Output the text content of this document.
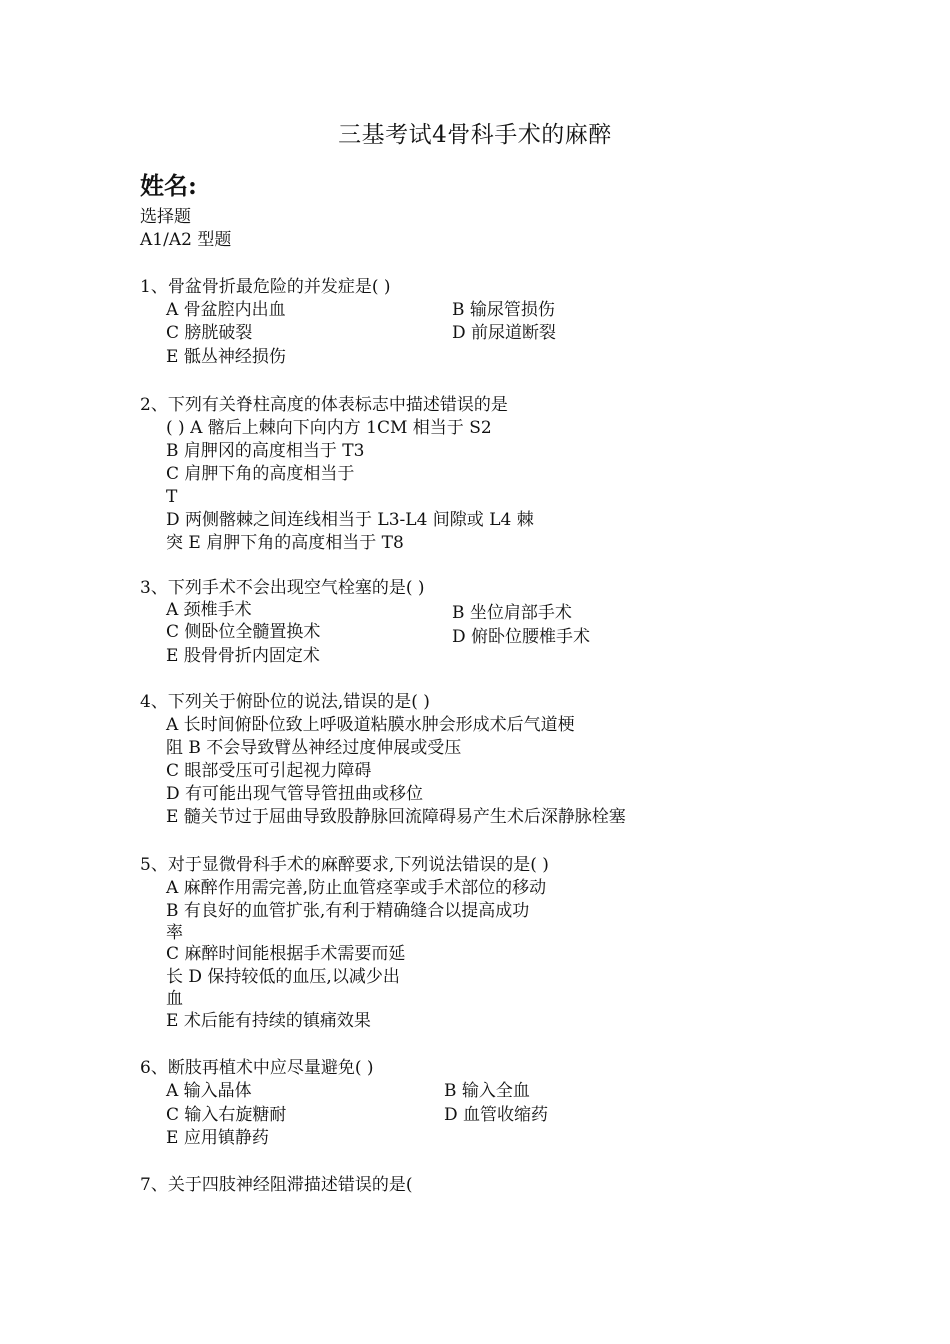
三基考试4骨科手术的麻醉
姓名:
选择题
A1/A2 型题
1、骨盆骨折最危险的并发症是( )
A 骨盆腔内出血	B 输尿管损伤
C 膀胱破裂	D 前尿道断裂
E 骶丛神经损伤
2、下列有关脊柱高度的体表标志中描述错误的是
( ) A 髂后上棘向下向内方 1CM 相当于 S2
B 肩胛冈的高度相当于 T3
C 肩胛下角的高度相当于
T
D 两侧髂棘之间连线相当于 L3-L4 间隙或 L4 棘
突 E 肩胛下角的高度相当于 T8
3、下列手术不会出现空气栓塞的是( )
A 颈椎手术	B 坐位肩部手术
C 侧卧位全髓置换术	D 俯卧位腰椎手术
E 股骨骨折内固定术
4、下列关于俯卧位的说法,错误的是( )
A 长时间俯卧位致上呼吸道粘膜水肿会形成术后气道梗
阻 B 不会导致臂丛神经过度伸展或受压
C 眼部受压可引起视力障碍
D 有可能出现气管导管扭曲或移位
E 髓关节过于屈曲导致股静脉回流障碍易产生术后深静脉栓塞
5、对于显微骨科手术的麻醉要求,下列说法错误的是( )
A 麻醉作用需完善,防止血管痉挛或手术部位的移动
B 有良好的血管扩张,有利于精确缝合以提高成功
率
C 麻醉时间能根据手术需要而延
长 D 保持较低的血压,以减少出
血
E 术后能有持续的镇痛效果
6、断肢再植术中应尽量避免( )
A 输入晶体	B 输入全血
C 输入右旋糖耐	D 血管收缩药
E 应用镇静药
7、关于四肢神经阻滞描述错误的是(
